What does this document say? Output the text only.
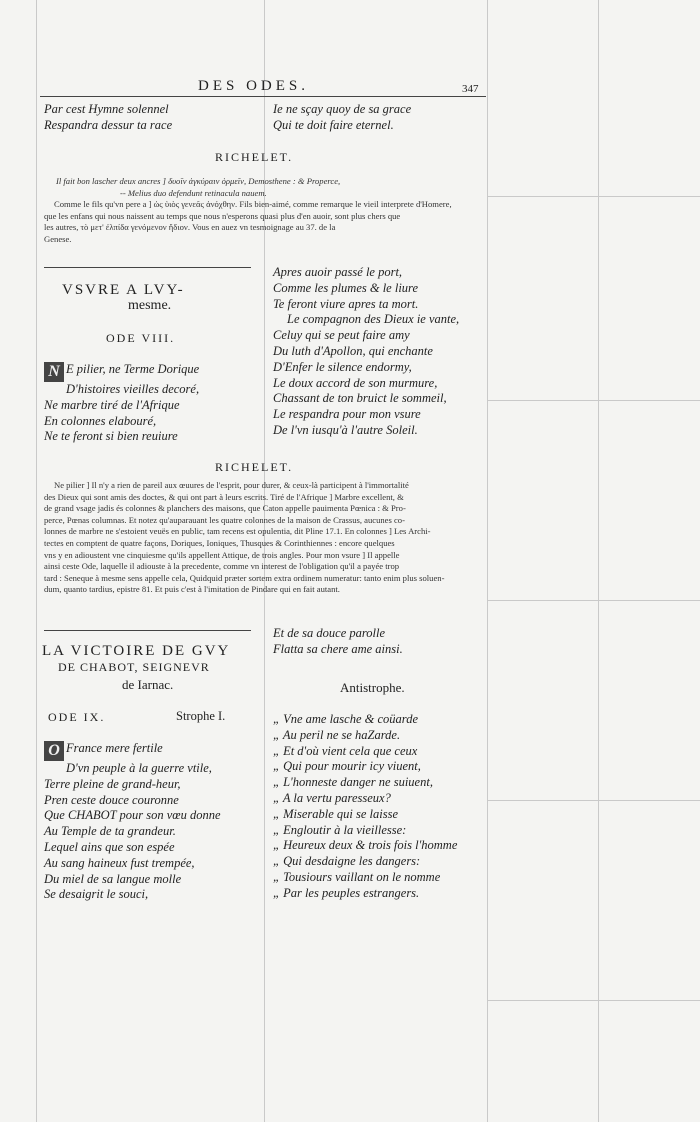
DES ODES.	347
Par cest Hymne solennel
Respandra dessur ta race
Ie ne sçay quoy de sa grace
Qui te doit faire eternel.
RICHELET.
Il fait bon lascher deux ancres ] δυοῖν ἀγκύραιν ὁρμεῖν, Demosthene : & Properce,
-- Melius duo defendunt retinacula nauem.
Comme le fils qu'vn pere a ] ὡς ὑιὸς γενεᾶς ἀνόχθην. Fils bien-aimé, comme remarque le vieil interprete d'Homere,
que les enfans qui nous naissent au temps que nous n'esperons quasi plus d'en auoir, sont plus chers que
les autres, τὸ μετ' ἐλπίδα γενόμενον ἥδιον. Vous en auez vn tesmoignage au 37. de la
Genese.
VSVRE A LVY-
mesme.
ODE VIII.
N E pilier, ne Terme Dorique
D'histoires vieilles decoré,
Ne marbre tiré de l'Afrique
En colonnes elabouré,
Ne te feront si bien reuiure
Apres auoir passé le port,
Comme les plumes & le liure
Te feront viure apres ta mort.
Le compagnon des Dieux ie vante,
Celuy qui se peut faire amy
Du luth d'Apollon, qui enchante
D'Enfer le silence endormy,
Le doux accord de son murmure,
Chassant de ton bruict le sommeil,
Le respandra pour mon vsure
De l'vn iusqu'à l'autre Soleil.
RICHELET.
Ne pilier ] Il n'y a rien de pareil aux œuures de l'esprit, pour durer, & ceux-là participent à l'immortalité
des Dieux qui sont amis des doctes, & qui ont part à leurs escrits. Tiré de l'Afrique ] Marbre excellent, &
de grand vsage jadis és colonnes & planchers des maisons, que Caton appelle pauimenta Pœnica : & Pro-
perce, Pœnas columnas. Et notez qu'auparauant les quatre colonnes de la maison de Crassus, aucunes co-
lonnes de marbre ne s'estoient veuës en public, tam recens est opulentia, dit Pline 17.1. En colonnes ] Les Archi-
tectes en comptent de quatre façons, Doriques, Ioniques, Thusques & Corinthiennes : encore quelques
vns y en adioustent vne cinquiesme qu'ils appellent Attique, de trois angles. Pour mon vsure ] Il appelle
ainsi ceste Ode, laquelle il adiouste à la precedente, comme vn interest de l'obligation qu'il a payée trop
tard : Seneque à mesme sens appelle cela, Quidquid præter sortem extra ordinem numeratur: tanto enim plus soluen-
dum, quanto tardius, epistre 81. Et puis c'est à l'imitation de Pindare qui en fait autant.
LA VICTOIRE DE GVY
DE CHABOT, SEIGNEVR
de Iarnac.
ODE IX.	Strophe I.
O France mere fertile
D'vn peuple à la guerre vtile,
Terre pleine de grand-heur,
Pren ceste douce couronne
Que CHABOT pour son vœu donne
Au Temple de ta grandeur.
Lequel ains que son espée
Au sang haineux fust trempée,
Du miel de sa langue molle
Se desaigrit le souci,
Et de sa douce parolle
Flatta sa chere ame ainsi.
Antistrophe.
„ Vne ame lasche & coüarde
„ Au peril ne se haZarde.
„ Et d'où vient cela que ceux
„ Qui pour mourir icy viuent,
„ L'honneste danger ne suiuent,
„ A la vertu paresseux?
„ Miserable qui se laisse
„ Engloutir à la vieillesse:
„ Heureux deux & trois fois l'homme
„ Qui desdaigne les dangers:
„ Tousiours vaillant on le nomme
„ Par les peuples estrangers.
